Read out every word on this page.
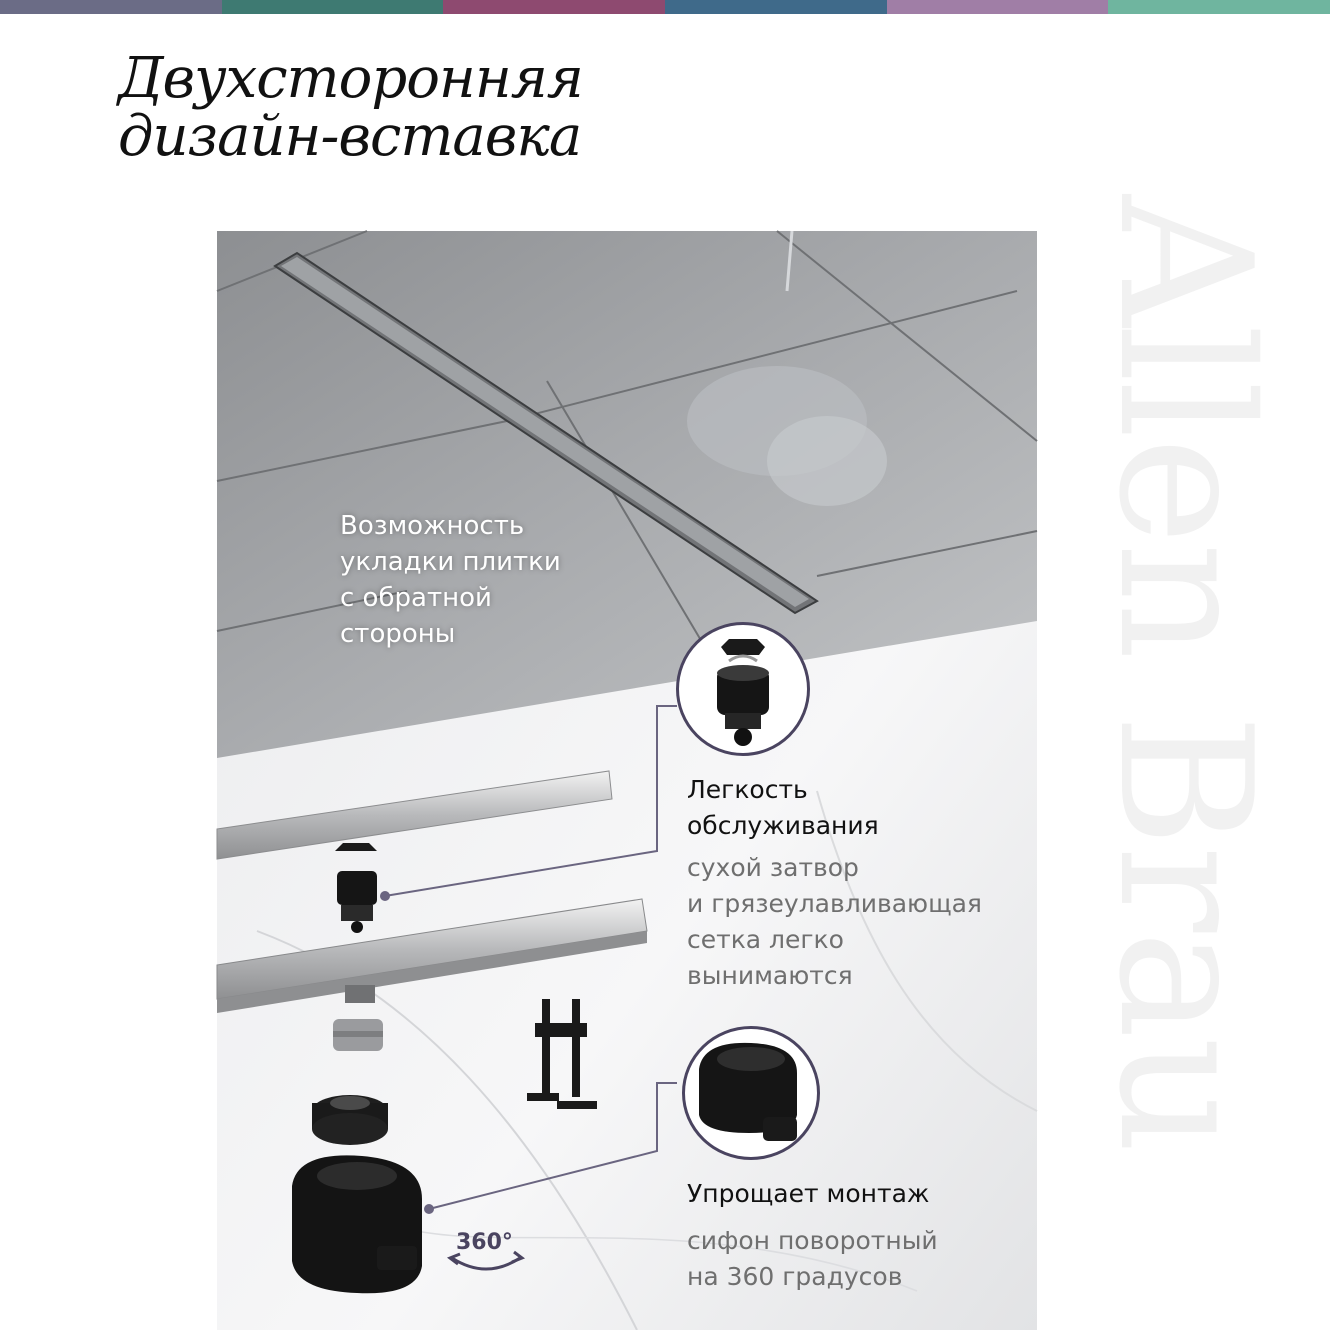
Двухсторонняя
дизайн-вставка
Allen Brau

Возможность
укладки плитки
с обратной
стороны

Легкость
обслуживания

сухой затвор
и грязеулавливающая
сетка легко
вынимаются

Упрощает монтаж

сифон поворотный
на 360 градусов

360°
